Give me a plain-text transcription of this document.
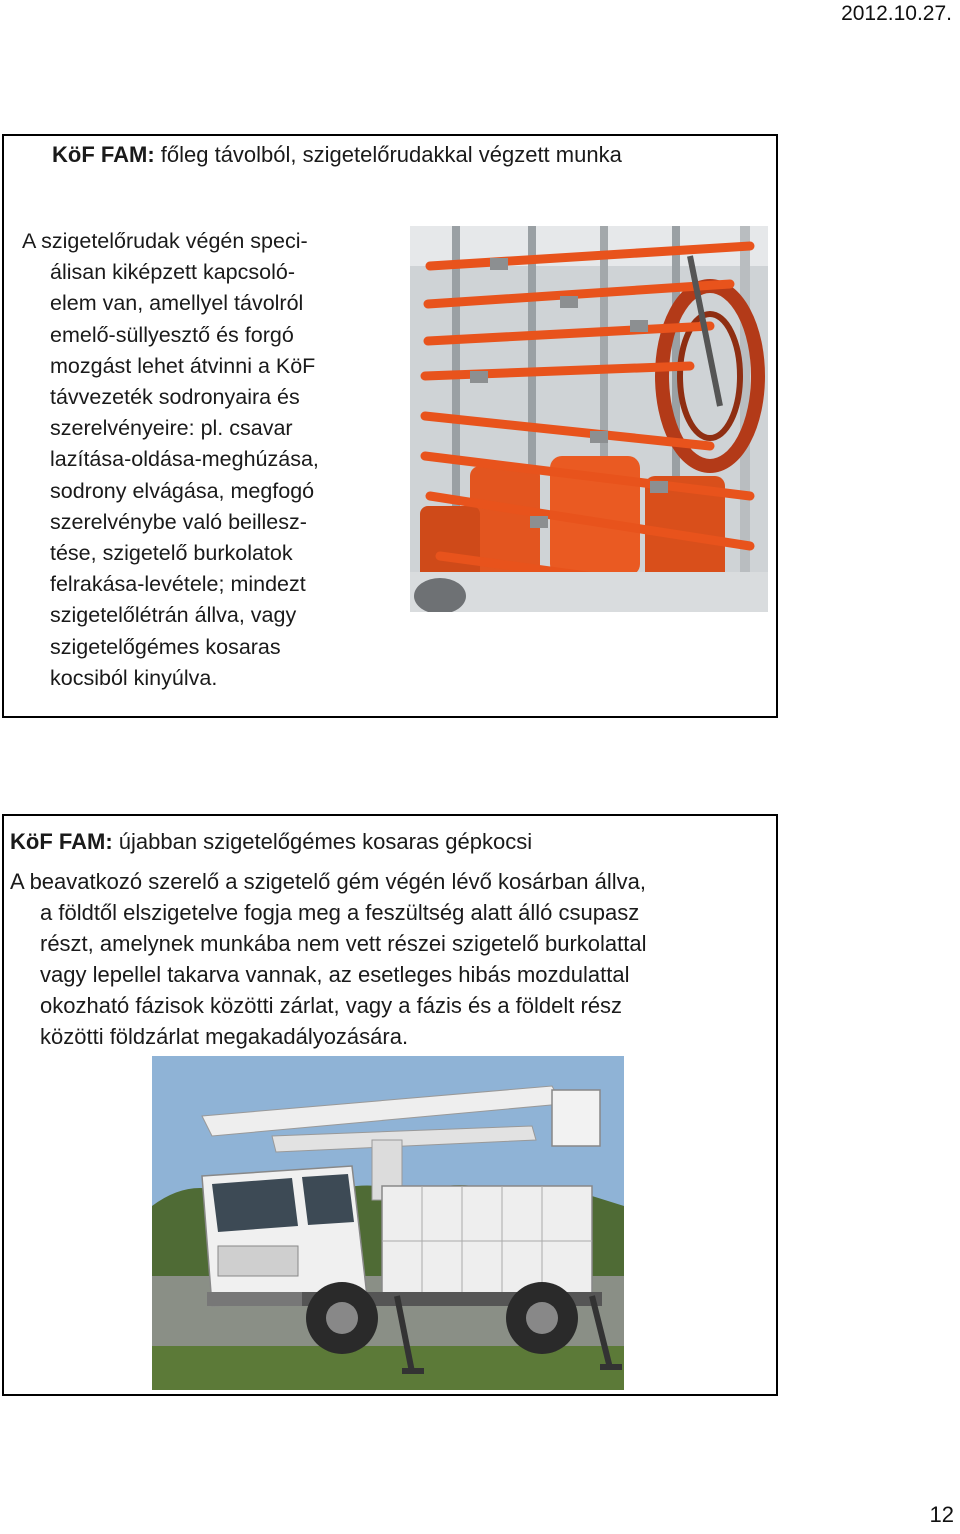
2012.10.27.
KöF FAM: főleg távolból, szigetelőrudakkal végzett munka
A szigetelőrudak végén speci-
álisan kiképzett kapcsoló-
elem van, amellyel távolról
emelő-süllyesztő és forgó
mozgást lehet átvinni a KöF
távvezeték sodronyaira és
szerelvényeire: pl. csavar
lazítása-oldása-meghúzása,
sodrony elvágása, megfogó
szerelvénybe való beillesz-
tése, szigetelő burkolatok
felrakása-levétele; mindezt
szigetelőlétrán állva, vagy
szigetelőgémes kosaras
kocsiból kinyúlva.
KöF FAM: újabban szigetelőgémes kosaras gépkocsi
A beavatkozó szerelő a szigetelő gém végén lévő kosárban állva,
a földtől elszigetelve fogja meg a feszültség alatt álló csupasz
részt, amelynek munkába nem vett részei szigetelő burkolattal
vagy lepellel takarva vannak, az esetleges hibás mozdulattal
okozható fázisok közötti zárlat, vagy a fázis és a földelt rész
közötti földzárlat megakadályozására.
12
